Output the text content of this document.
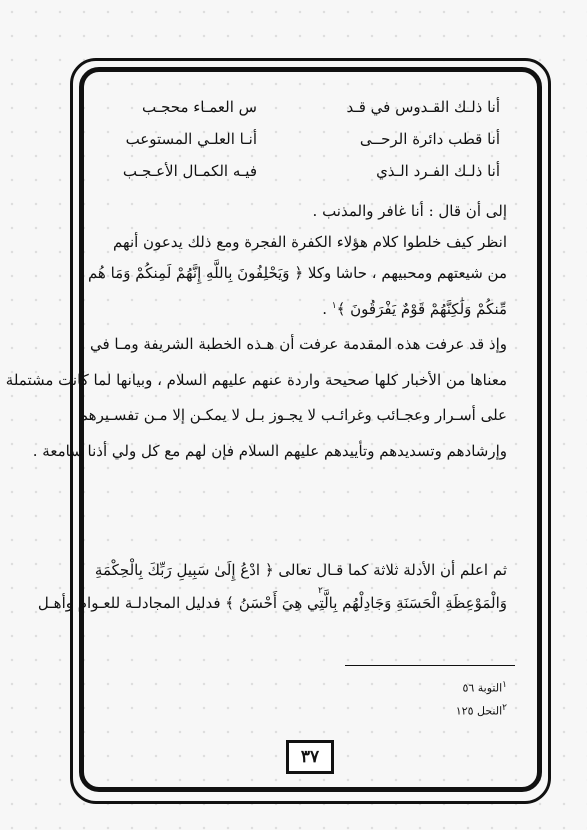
أنا ذلـك القـدوس في قـد
س العمـاء محجـب
أنا قطب دائرة الرحــى
أنـا العلـي المستوعب
أنا ذلـك الفـرد الـذي
فيـه الكمـال الأعـجـب
إلى أن قال : أنا غافر والمذنب .
انظر كيف خلطوا كلام هؤلاء الكفرة الفجرة ومع ذلك يدعون أنهم
من شيعتهم ومحبيهم ، حاشا وكلا ﴿ وَيَحْلِفُونَ بِاللَّهِ إِنَّهُمْ لَمِنكُمْ وَمَا هُم
مِّنكُمْ وَلَٰكِنَّهُمْ قَوْمٌ يَفْرَقُونَ ﴾$^١$ .
وإذ قد عرفت هذه المقدمة عرفت أن هـذه الخطبة الشريفة ومـا في
معناها من الأخبار كلها صحيحة واردة عنهم عليهم السلام ، وبيانها لما كانت مشتملة
على أسـرار وعجـائب وغرائـب لا يجـوز بـل لا يمكـن إلا مـن تفسـيرهم
وإرشادهم وتسديدهم وتأييدهم عليهم السلام فإن لهم مع كل ولي أذنا سامعة .
ثم اعلم أن الأدلة ثلاثة كما قـال تعالى ﴿ ادْعُ إِلَىٰ سَبِيلِ رَبِّكَ بِالْحِكْمَةِ
وَالْمَوْعِظَةِ الْحَسَنَةِ وَجَادِلْهُم بِالَّتِي هِيَ أَحْسَنُ ﴾ فدليل المجادلـة للعـوام وأهـل
٢
$^١$التوبة ٥٦
$^٢$النحل ١٢٥
٣٧
